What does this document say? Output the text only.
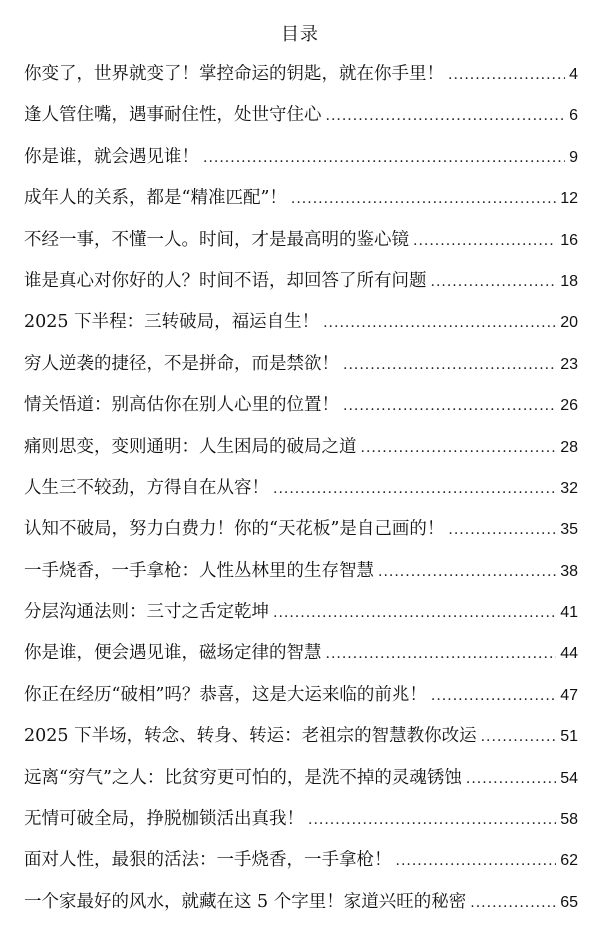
目录
你变了，世界就变了！掌控命运的钥匙，就在你手里！ .....	4
逢人管住嘴，遇事耐住性，处世守住心 .....	6
你是谁，就会遇见谁！ .....	9
成年人的关系，都是“精准匹配”！ .....	12
不经一事，不懂一人。时间，才是最高明的鉴心镜 .....	16
谁是真心对你好的人？时间不语，却回答了所有问题 .....	18
2025 下半程：三转破局，福运自生！ .....	20
穷人逆袭的捷径，不是拼命，而是禁欲！ .....	23
情关悟道：别高估你在别人心里的位置！ .....	26
痛则思变，变则通明：人生困局的破局之道 .....	28
人生三不较劲，方得自在从容！ .....	32
认知不破局，努力白费力！你的“天花板”是自己画的！ .....	35
一手烧香，一手拿枪：人性丛林里的生存智慧 .....	38
分层沟通法则：三寸之舌定乾坤 .....	41
你是谁，便会遇见谁，磁场定律的智慧 .....	44
你正在经历“破相”吗？恭喜，这是大运来临的前兆！ .....	47
2025 下半场，转念、转身、转运：老祖宗的智慧教你改运 .....	51
远离“穷气”之人：比贫穷更可怕的，是洗不掉的灵魂锈蚀 .....	54
无情可破全局，挣脱枷锁活出真我！ .....	58
面对人性，最狠的活法：一手烧香，一手拿枪！ .....	62
一个家最好的风水，就藏在这 5 个字里！家道兴旺的秘密 .....	65
